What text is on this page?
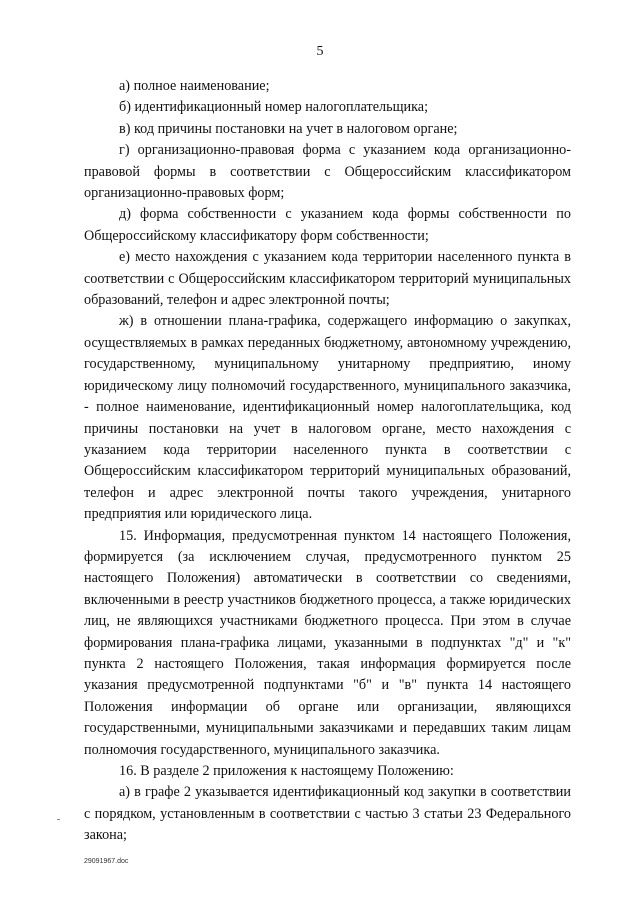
5

а) полное наименование;

б) идентификационный номер налогоплательщика;

в) код причины постановки на учет в налоговом органе;

г) организационно-правовая форма с указанием кода организационно-правовой формы в соответствии с Общероссийским классификатором организационно-правовых форм;

д) форма собственности с указанием кода формы собственности по Общероссийскому классификатору форм собственности;

е) место нахождения с указанием кода территории населенного пункта в соответствии с Общероссийским классификатором территорий муниципальных образований, телефон и адрес электронной почты;

ж) в отношении плана-графика, содержащего информацию о закупках, осуществляемых в рамках переданных бюджетному, автономному учреждению, государственному, муниципальному унитарному предприятию, иному юридическому лицу полномочий государственного, муниципального заказчика, - полное наименование, идентификационный номер налогоплательщика, код причины постановки на учет в налоговом органе, место нахождения с указанием кода территории населенного пункта в соответствии с Общероссийским классификатором территорий муниципальных образований, телефон и адрес электронной почты такого учреждения, унитарного предприятия или юридического лица.

15. Информация, предусмотренная пунктом 14 настоящего Положения, формируется (за исключением случая, предусмотренного пунктом 25 настоящего Положения) автоматически в соответствии со сведениями, включенными в реестр участников бюджетного процесса, а также юридических лиц, не являющихся участниками бюджетного процесса. При этом в случае формирования плана-графика лицами, указанными в подпунктах "д" и "к" пункта 2 настоящего Положения, такая информация формируется после указания предусмотренной подпунктами "б" и "в" пункта 14 настоящего Положения информации об органе или организации, являющихся государственными, муниципальными заказчиками и передавших таким лицам полномочия государственного, муниципального заказчика.

16. В разделе 2 приложения к настоящему Положению:

а) в графе 2 указывается идентификационный код закупки в соответствии с порядком, установленным в соответствии с частью 3 статьи 23 Федерального закона;

29091967.doc
